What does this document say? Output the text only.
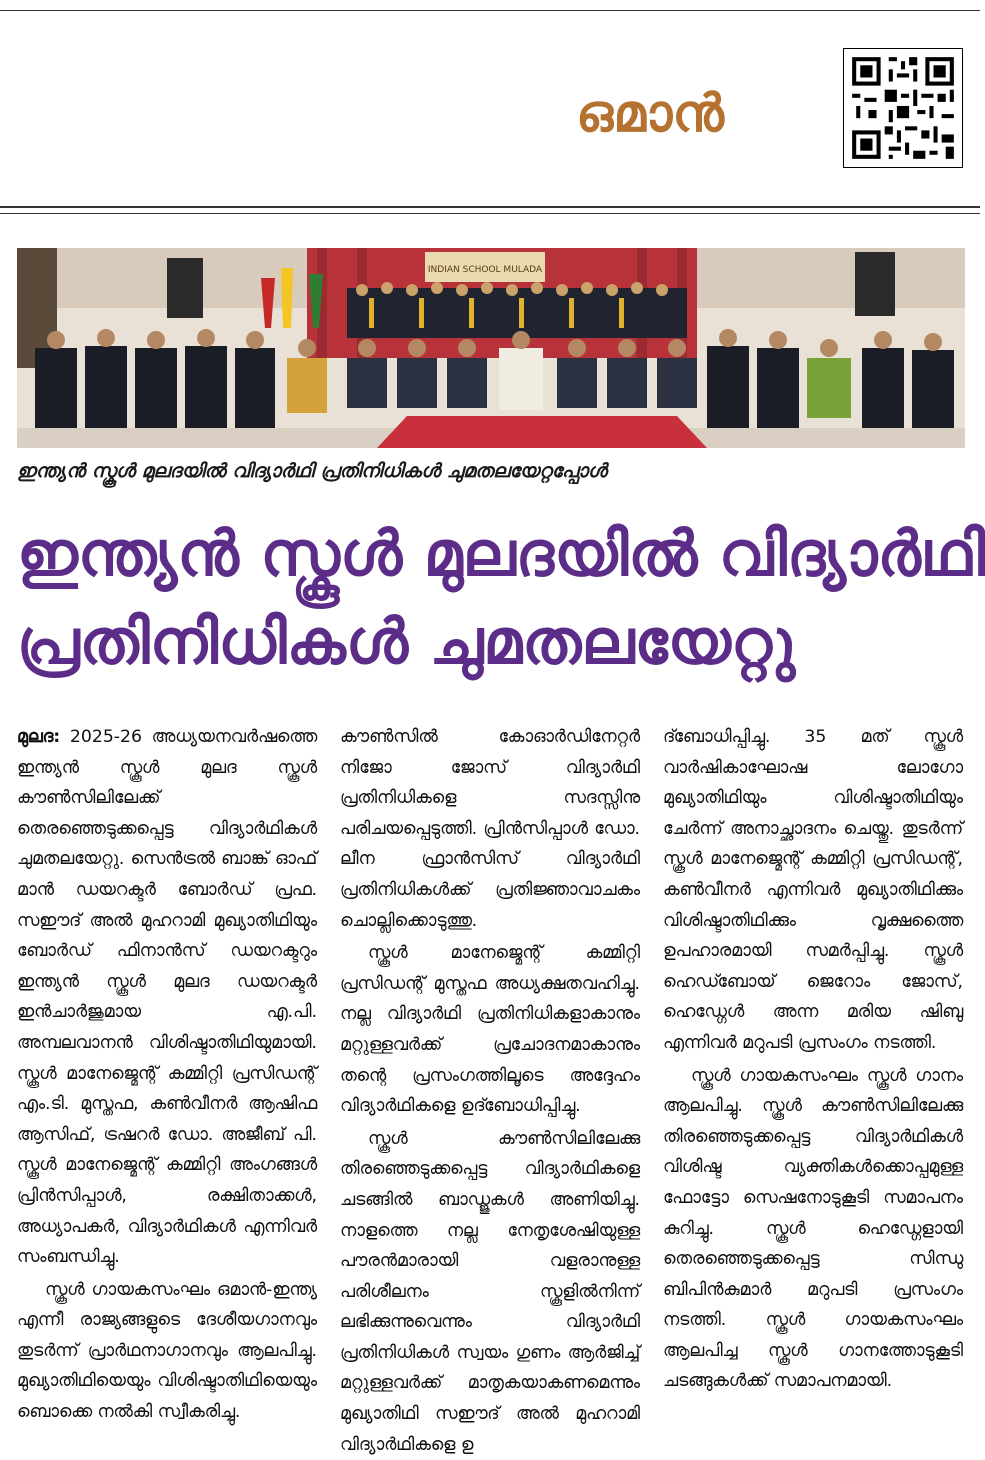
ഒമാൻ
INDIAN SCHOOL MULADA
ഇന്ത്യൻ സ്കൂൾ മുലദയിൽ വിദ്യാർഥി പ്രതിനിധികൾ ചുമതലയേറ്റപ്പോൾ
ഇന്ത്യൻ സ്കൂൾ മുലദയിൽ വിദ്യാർഥി
പ്രതിനിധികൾ ചുമതലയേറ്റു

മുലദ: 2025-26 അധ്യയനവർഷത്തെ ഇന്ത്യൻ സ്കൂൾ മുലദ സ്കൂൾ കൗൺസിലിലേക്ക് തെരഞ്ഞെടുക്കപ്പെട്ട വിദ്യാർഥികൾ ചുമതലയേറ്റു. സെൻട്രൽ ബാങ്ക് ഓഫ് മാൻ ഡയറക്ടർ ബോർഡ് പ്രഫ. സഈദ് അൽ മുഹറാമി മുഖ്യാതിഥിയും ബോർഡ് ഫിനാൻസ് ഡയറക്ടറും ഇന്ത്യൻ സ്കൂൾ മുലദ ഡയറക്ടർ ഇൻചാർജുമായ എ.പി. അമ്പലവാനൻ വിശിഷ്ടാതിഥിയുമായി. സ്കൂൾ മാനേജ്മെന്റ് കമ്മിറ്റി പ്രസിഡന്റ് എം.ടി. മുസ്തഫ, കൺവീനർ ആഷിഫ ആസിഫ്, ട്രഷറർ ഡോ. അജീബ് പി. സ്കൂൾ മാനേജ്മെന്റ് കമ്മിറ്റി അംഗങ്ങൾ പ്രിൻസിപ്പാൾ, രക്ഷിതാക്കൾ, അധ്യാപകർ, വിദ്യാർഥികൾ എന്നിവർ സംബന്ധിച്ചു.

സ്കൂൾ ഗായകസംഘം ഒമാൻ-ഇന്ത്യ എന്നീ രാജ്യങ്ങളുടെ ദേശീയഗാനവും തുടർന്ന് പ്രാർഥനാഗാനവും ആലപിച്ചു. മുഖ്യാതിഥിയെയും വിശിഷ്ടാതിഥിയെയും ബൊക്കെ നൽകി സ്വീകരിച്ചു.

കൗൺസിൽ കോഓർഡിനേറ്റർ നിജോ ജോസ് വിദ്യാർഥി പ്രതിനിധികളെ സദസ്സിനു പരിചയപ്പെടുത്തി. പ്രിൻസിപ്പാൾ ഡോ. ലീന ഫ്രാൻസിസ് വിദ്യാർഥി പ്രതിനിധികൾക്ക് പ്രതിജ്ഞാവാചകം ചൊല്ലിക്കൊടുത്തു.

സ്കൂൾ മാനേജ്മെന്റ് കമ്മിറ്റി പ്രസിഡന്റ് മുസ്തഫ അധ്യക്ഷതവഹിച്ചു. നല്ല വിദ്യാർഥി പ്രതിനിധികളാകാനും മറ്റുള്ളവർക്ക് പ്രചോദനമാകാനും തന്റെ പ്രസംഗത്തിലൂടെ അദ്ദേഹം വിദ്യാർഥികളെ ഉദ്ബോധിപ്പിച്ചു.

സ്കൂൾ കൗൺസിലിലേക്കു തിരഞ്ഞെടുക്കപ്പെട്ട വിദ്യാർഥികളെ ചടങ്ങിൽ ബാഡ്ജുകൾ അണിയിച്ചു. നാളത്തെ നല്ല നേതൃശേഷിയുള്ള പൗരൻമാരായി വളരാനുള്ള പരിശീലനം സ്കൂളിൽനിന്ന് ലഭിക്കുന്നുവെന്നും വിദ്യാർഥി പ്രതിനിധികൾ സ്വയം ഗുണം ആർജിച്ച് മറ്റുള്ളവർക്ക് മാതൃകയാകണമെന്നും മുഖ്യാതിഥി സഈദ് അൽ മുഹറാമി വിദ്യാർഥികളെ ഉ

ദ്ബോധിപ്പിച്ചു. 35 മത് സ്കൂൾ വാർഷികാഘോഷ ലോഗോ മുഖ്യാതിഥിയും വിശിഷ്ടാതിഥിയും ചേർന്ന് അനാച്ഛാദനം ചെയ്തു. തുടർന്ന് സ്കൂൾ മാനേജ്മെന്റ് കമ്മിറ്റി പ്രസിഡന്റ്, കൺവീനർ എന്നിവർ മുഖ്യാതിഥിക്കും വിശിഷ്ടാതിഥിക്കും വൃക്ഷത്തൈ ഉപഹാരമായി സമർപ്പിച്ചു. സ്കൂൾ ഹെഡ്ബോയ് ജെറോം ജോസ്, ഹെഡ്ഗേൾ അന്ന മരിയ ഷിബു എന്നിവർ മറുപടി പ്രസംഗം നടത്തി.

സ്കൂൾ ഗായകസംഘം സ്കൂൾ ഗാനം ആലപിച്ചു. സ്കൂൾ കൗൺസിലിലേക്കു തിരഞ്ഞെടുക്കപ്പെട്ട വിദ്യാർഥികൾ വിശിഷ്ട വ്യക്തികൾക്കൊപ്പമുള്ള ഫോട്ടോ സെഷനോടുകൂടി സമാപനം കുറിച്ചു. സ്കൂൾ ഹെഡ്ഗേളായി തെരഞ്ഞെടുക്കപ്പെട്ട സിന്ധു ബിപിൻകുമാർ മറുപടി പ്രസംഗം നടത്തി. സ്കൂൾ ഗായകസംഘം ആലപിച്ച സ്കൂൾ ഗാനത്തോടുകൂടി ചടങ്ങുകൾക്ക് സമാപനമായി.
